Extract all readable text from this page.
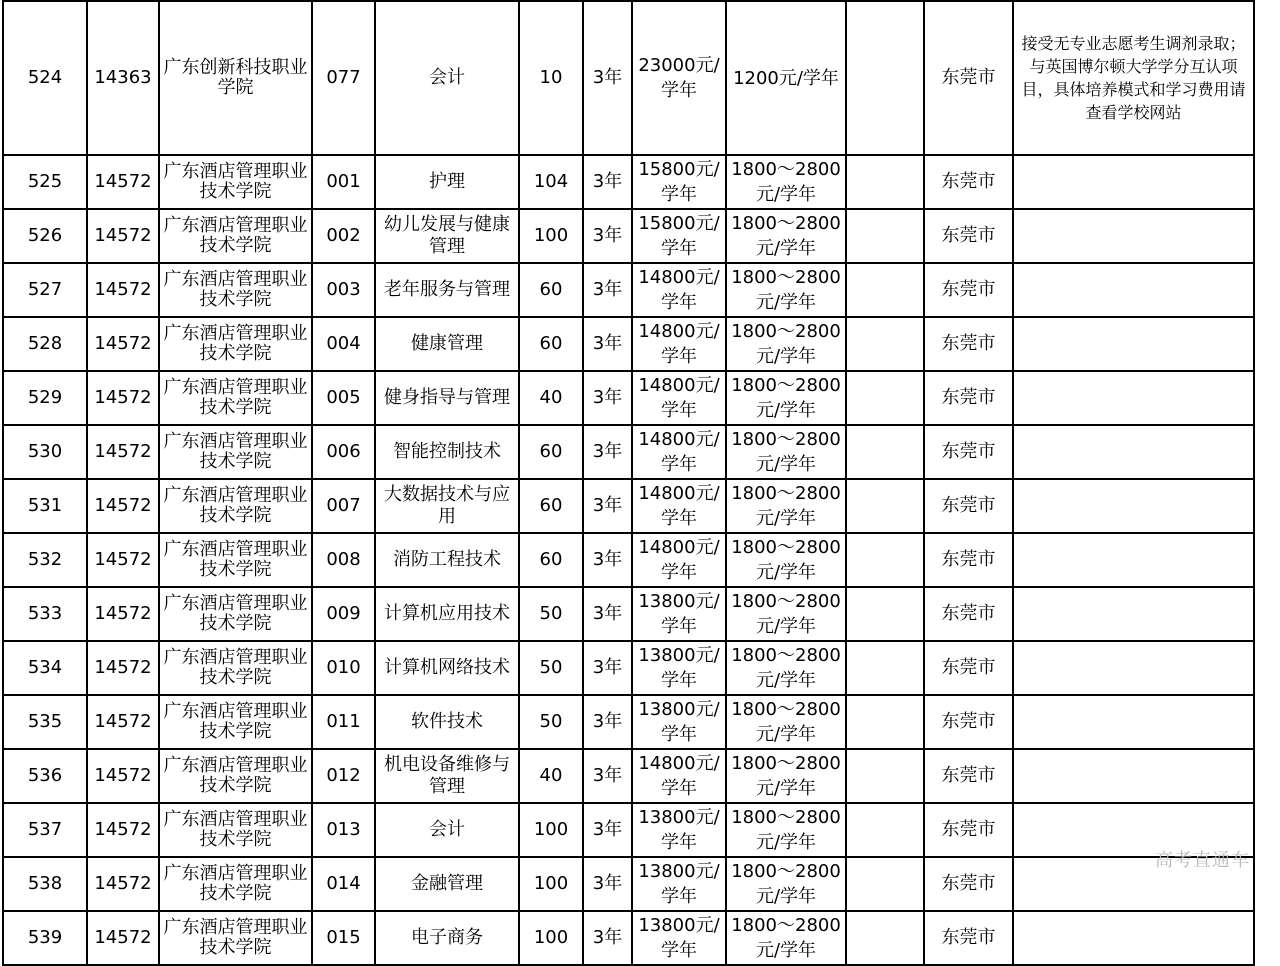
524	14363	广东创新科技职业学院	077	会计	10	3年	23000元/学年	1200元/学年		东莞市	接受无专业志愿考生调剂录取；与英国博尔顿大学学分互认项目，具体培养模式和学习费用请查看学校网站
525	14572	广东酒店管理职业技术学院	001	护理	104	3年	15800元/学年	1800～2800元/学年		东莞市	
526	14572	广东酒店管理职业技术学院	002	幼儿发展与健康管理	100	3年	15800元/学年	1800～2800元/学年		东莞市	
527	14572	广东酒店管理职业技术学院	003	老年服务与管理	60	3年	14800元/学年	1800～2800元/学年		东莞市	
528	14572	广东酒店管理职业技术学院	004	健康管理	60	3年	14800元/学年	1800～2800元/学年		东莞市	
529	14572	广东酒店管理职业技术学院	005	健身指导与管理	40	3年	14800元/学年	1800～2800元/学年		东莞市	
530	14572	广东酒店管理职业技术学院	006	智能控制技术	60	3年	14800元/学年	1800～2800元/学年		东莞市	
531	14572	广东酒店管理职业技术学院	007	大数据技术与应用	60	3年	14800元/学年	1800～2800元/学年		东莞市	
532	14572	广东酒店管理职业技术学院	008	消防工程技术	60	3年	14800元/学年	1800～2800元/学年		东莞市	
533	14572	广东酒店管理职业技术学院	009	计算机应用技术	50	3年	13800元/学年	1800～2800元/学年		东莞市	
534	14572	广东酒店管理职业技术学院	010	计算机网络技术	50	3年	13800元/学年	1800～2800元/学年		东莞市	
535	14572	广东酒店管理职业技术学院	011	软件技术	50	3年	13800元/学年	1800～2800元/学年		东莞市	
536	14572	广东酒店管理职业技术学院	012	机电设备维修与管理	40	3年	14800元/学年	1800～2800元/学年		东莞市	
537	14572	广东酒店管理职业技术学院	013	会计	100	3年	13800元/学年	1800～2800元/学年		东莞市	
538	14572	广东酒店管理职业技术学院	014	金融管理	100	3年	13800元/学年	1800～2800元/学年		东莞市	
539	14572	广东酒店管理职业技术学院	015	电子商务	100	3年	13800元/学年	1800～2800元/学年		东莞市	
高考直通车
